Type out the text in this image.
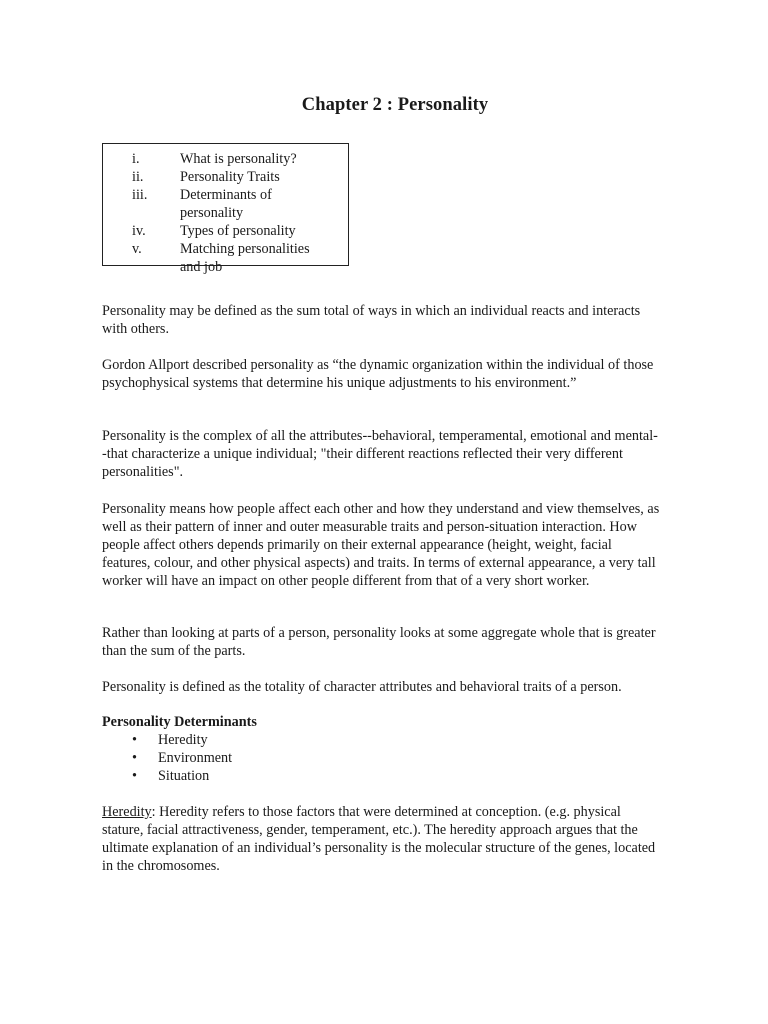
Chapter 2 : Personality
i.	What is personality?
ii.	Personality Traits
iii.	Determinants of personality
iv.	Types of personality
v.	Matching personalities and job

Personality may be defined as the sum total of ways in which an individual reacts and interacts with others.

Gordon Allport described personality as “the dynamic organization within the individual of those psychophysical systems that determine his unique adjustments to his environment.”

Personality is the complex of all the attributes--behavioral, temperamental, emotional and mental--that characterize a unique individual; "their different reactions reflected their very different personalities".

Personality means how people affect each other and how they understand and view themselves, as well as their pattern of inner and outer measurable traits and person-situation interaction. How people affect others depends primarily on their external appearance (height, weight, facial features, colour, and other physical aspects) and traits. In terms of external appearance, a very tall worker will have an impact on other people different from that of a very short worker.

Rather than looking at parts of a person, personality looks at some aggregate whole that is greater than the sum of the parts.

Personality is defined as the totality of character attributes and behavioral traits of a person.

Personality Determinants

•	Heredity
•	Environment
•	Situation

Heredity: Heredity refers to those factors that were determined at conception. (e.g. physical stature, facial attractiveness, gender, temperament, etc.). The heredity approach argues that the ultimate explanation of an individual’s personality is the molecular structure of the genes, located in the chromosomes.
